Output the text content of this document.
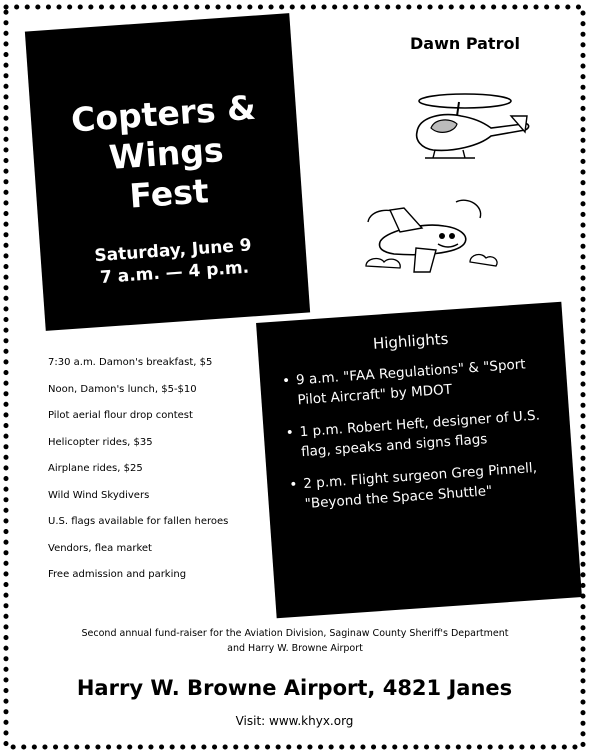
Dawn Patrol
Copters &
Wings
Fest
Saturday, June 9
7 a.m. — 4 p.m.
7:30 a.m. Damon's breakfast, $5
Noon, Damon's lunch, $5-$10
Pilot aerial flour drop contest
Helicopter rides, $35
Airplane rides, $25
Wild Wind Skydivers
U.S. flags available for fallen heroes
Vendors, flea market
Free admission and parking
Highlights
• 9 a.m. "FAA Regulations" & "Sport Pilot Aircraft" by MDOT
• 1 p.m. Robert Heft, designer of U.S. flag, speaks and signs flags
• 2 p.m. Flight surgeon Greg Pinnell, "Beyond the Space Shuttle"
Second annual fund-raiser for the Aviation Division, Saginaw County Sheriff's Department
and Harry W. Browne Airport
Harry W. Browne Airport, 4821 Janes
Visit: www.khyx.org
